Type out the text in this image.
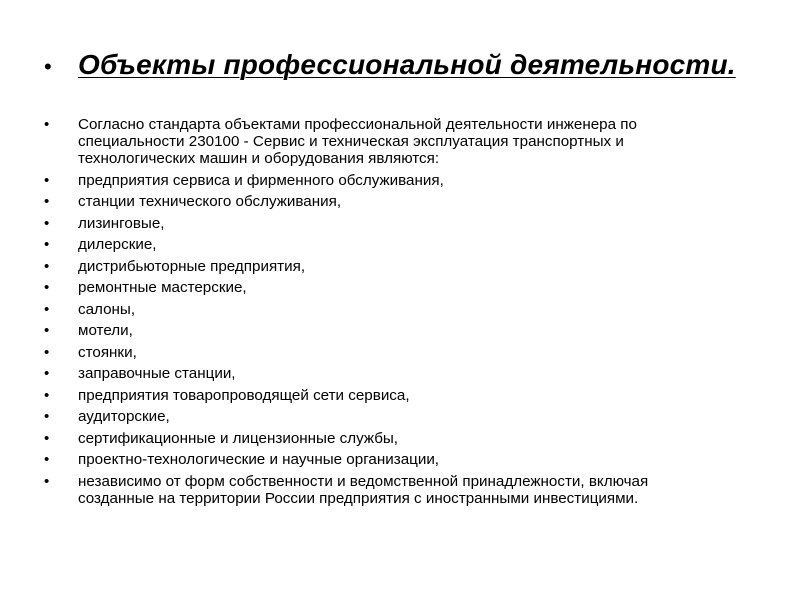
• Объекты профессиональной деятельности.
•	Согласно стандарта объектами профессиональной деятельности инженера по
специальности 230100 - Сервис и техническая эксплуатация транспортных и
технологических машин и оборудования являются:
•	предприятия сервиса и фирменного обслуживания,
•	станции технического обслуживания,
•	лизинговые,
•	дилерские,
•	дистрибьюторные предприятия,
•	ремонтные мастерские,
•	салоны,
•	мотели,
•	стоянки,
•	заправочные станции,
•	предприятия товаропроводящей сети сервиса,
•	аудиторские,
•	сертификационные и лицензионные службы,
•	проектно-технологические и научные организации,
•	независимо от форм собственности и ведомственной принадлежности, включая
созданные на территории России предприятия с иностранными инвестициями.
